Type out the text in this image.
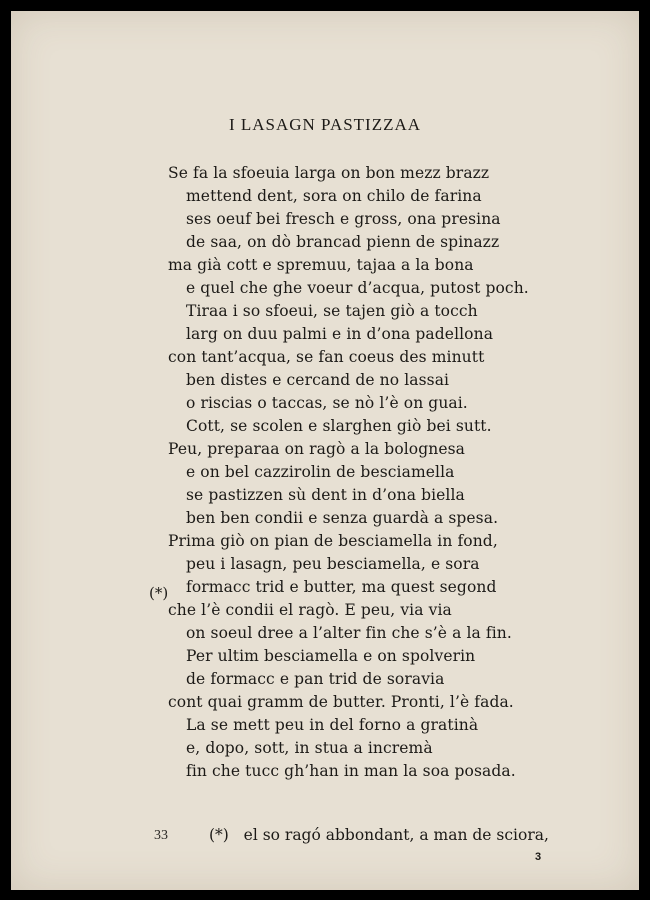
I LASAGN PASTIZZAA
Se fa la sfoeuia larga on bon mezz brazz
mettend dent, sora on chilo de farina
ses oeuf bei fresch e gross, ona presina
de saa, on dò brancad pienn de spinazz
ma già cott e spremuu, tajaa a la bona
e quel che ghe voeur d’acqua, putost poch.
Tiraa i so sfoeui, se tajen giò a tocch
larg on duu palmi e in d’ona padellona
con tant’acqua, se fan coeus des minutt
ben distes e cercand de no lassai
o riscias o taccas, se nò l’è on guai.
Cott, se scolen e slarghen giò bei sutt.
Peu, preparaa on ragò a la bolognesa
e on bel cazzirolin de besciamella
se pastizzen sù dent in d’ona biella
ben ben condii e senza guardà a spesa.
Prima giò on pian de besciamella in fond,
peu i lasagn, peu besciamella, e sora
formacc trid e butter, ma quest segond
che l’è condii el ragò. E peu, via via
on soeul dree a l’alter fin che s’è a la fin.
Per ultim besciamella e on spolverin
de formacc e pan trid de soravia
cont quai gramm de butter. Pronti, l’è fada.
La se mett peu in del forno a gratinà
e, dopo, sott, in stua a incremà
fin che tucc gh’han in man la soa posada.
(*)
33	(*) el so ragó abbondant, a man de sciora,
3
